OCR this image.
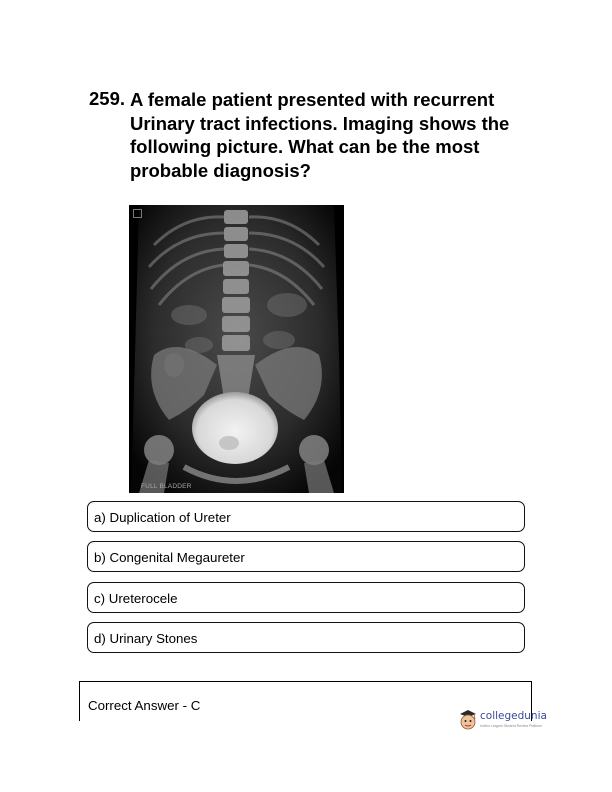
259. A female patient presented with recurrent Urinary tract infections. Imaging shows the following picture. What can be the most probable diagnosis?
FULL BLADDER
a) Duplication of Ureter
b) Congenital Megaureter
c) Ureterocele
d) Urinary Stones
Correct Answer - C
collegedunia
India's Largest Student Review Platform
